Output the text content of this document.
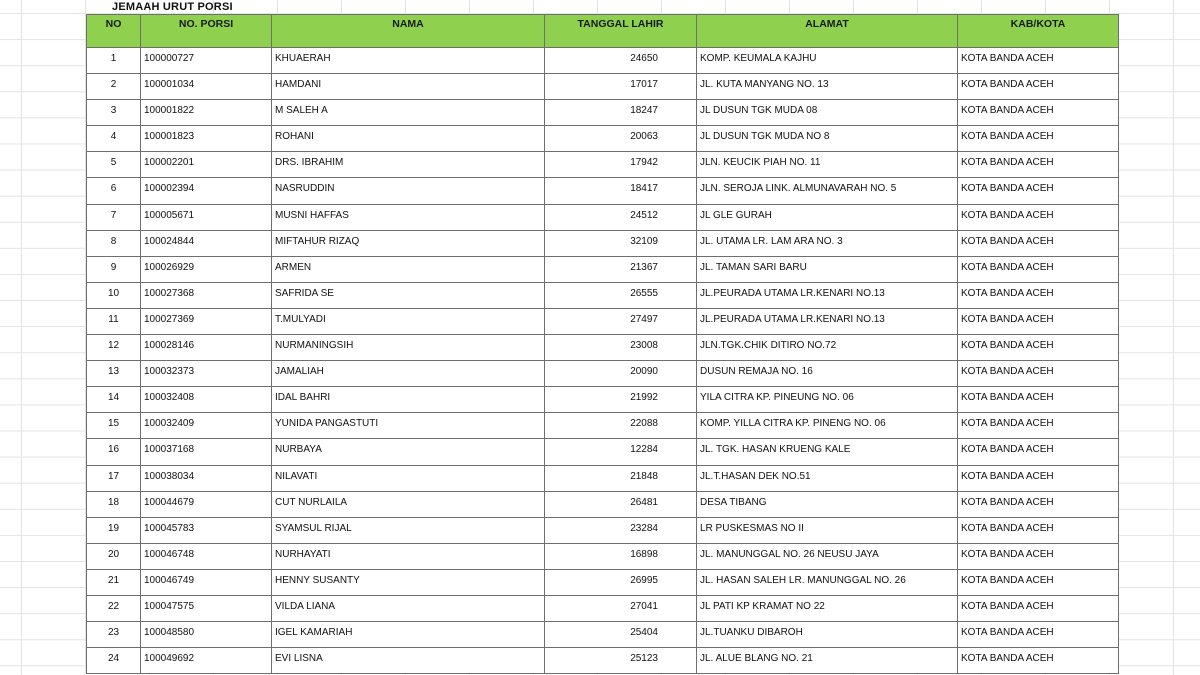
JEMAAH URUT PORSI
NO	NO. PORSI	NAMA	TANGGAL LAHIR	ALAMAT	KAB/KOTA
1	100000727	KHUAERAH	24650	KOMP. KEUMALA KAJHU	KOTA BANDA ACEH
2	100001034	HAMDANI	17017	JL. KUTA MANYANG NO. 13	KOTA BANDA ACEH
3	100001822	M SALEH A	18247	JL DUSUN TGK MUDA 08	KOTA BANDA ACEH
4	100001823	ROHANI	20063	JL DUSUN TGK MUDA NO 8	KOTA BANDA ACEH
5	100002201	DRS. IBRAHIM	17942	JLN. KEUCIK PIAH NO. 11	KOTA BANDA ACEH
6	100002394	NASRUDDIN	18417	JLN. SEROJA LINK. ALMUNAVARAH NO. 5	KOTA BANDA ACEH
7	100005671	MUSNI HAFFAS	24512	JL GLE GURAH	KOTA BANDA ACEH
8	100024844	MIFTAHUR RIZAQ	32109	JL. UTAMA LR. LAM ARA NO. 3	KOTA BANDA ACEH
9	100026929	ARMEN	21367	JL. TAMAN SARI BARU	KOTA BANDA ACEH
10	100027368	SAFRIDA SE	26555	JL.PEURADA UTAMA LR.KENARI NO.13	KOTA BANDA ACEH
11	100027369	T.MULYADI	27497	JL.PEURADA UTAMA LR.KENARI NO.13	KOTA BANDA ACEH
12	100028146	NURMANINGSIH	23008	JLN.TGK.CHIK DITIRO NO.72	KOTA BANDA ACEH
13	100032373	JAMALIAH	20090	DUSUN REMAJA NO. 16	KOTA BANDA ACEH
14	100032408	IDAL BAHRI	21992	YILA CITRA KP. PINEUNG NO. 06	KOTA BANDA ACEH
15	100032409	YUNIDA PANGASTUTI	22088	KOMP. YILLA CITRA KP. PINENG NO. 06	KOTA BANDA ACEH
16	100037168	NURBAYA	12284	JL. TGK. HASAN KRUENG KALE	KOTA BANDA ACEH
17	100038034	NILAVATI	21848	JL.T.HASAN DEK NO.51	KOTA BANDA ACEH
18	100044679	CUT NURLAILA	26481	DESA TIBANG	KOTA BANDA ACEH
19	100045783	SYAMSUL RIJAL	23284	LR PUSKESMAS NO II	KOTA BANDA ACEH
20	100046748	NURHAYATI	16898	JL. MANUNGGAL NO. 26 NEUSU JAYA	KOTA BANDA ACEH
21	100046749	HENNY SUSANTY	26995	JL. HASAN SALEH LR. MANUNGGAL NO. 26	KOTA BANDA ACEH
22	100047575	VILDA LIANA	27041	JL PATI KP KRAMAT NO 22	KOTA BANDA ACEH
23	100048580	IGEL KAMARIAH	25404	JL.TUANKU DIBAROH	KOTA BANDA ACEH
24	100049692	EVI LISNA	25123	JL. ALUE BLANG NO. 21	KOTA BANDA ACEH
